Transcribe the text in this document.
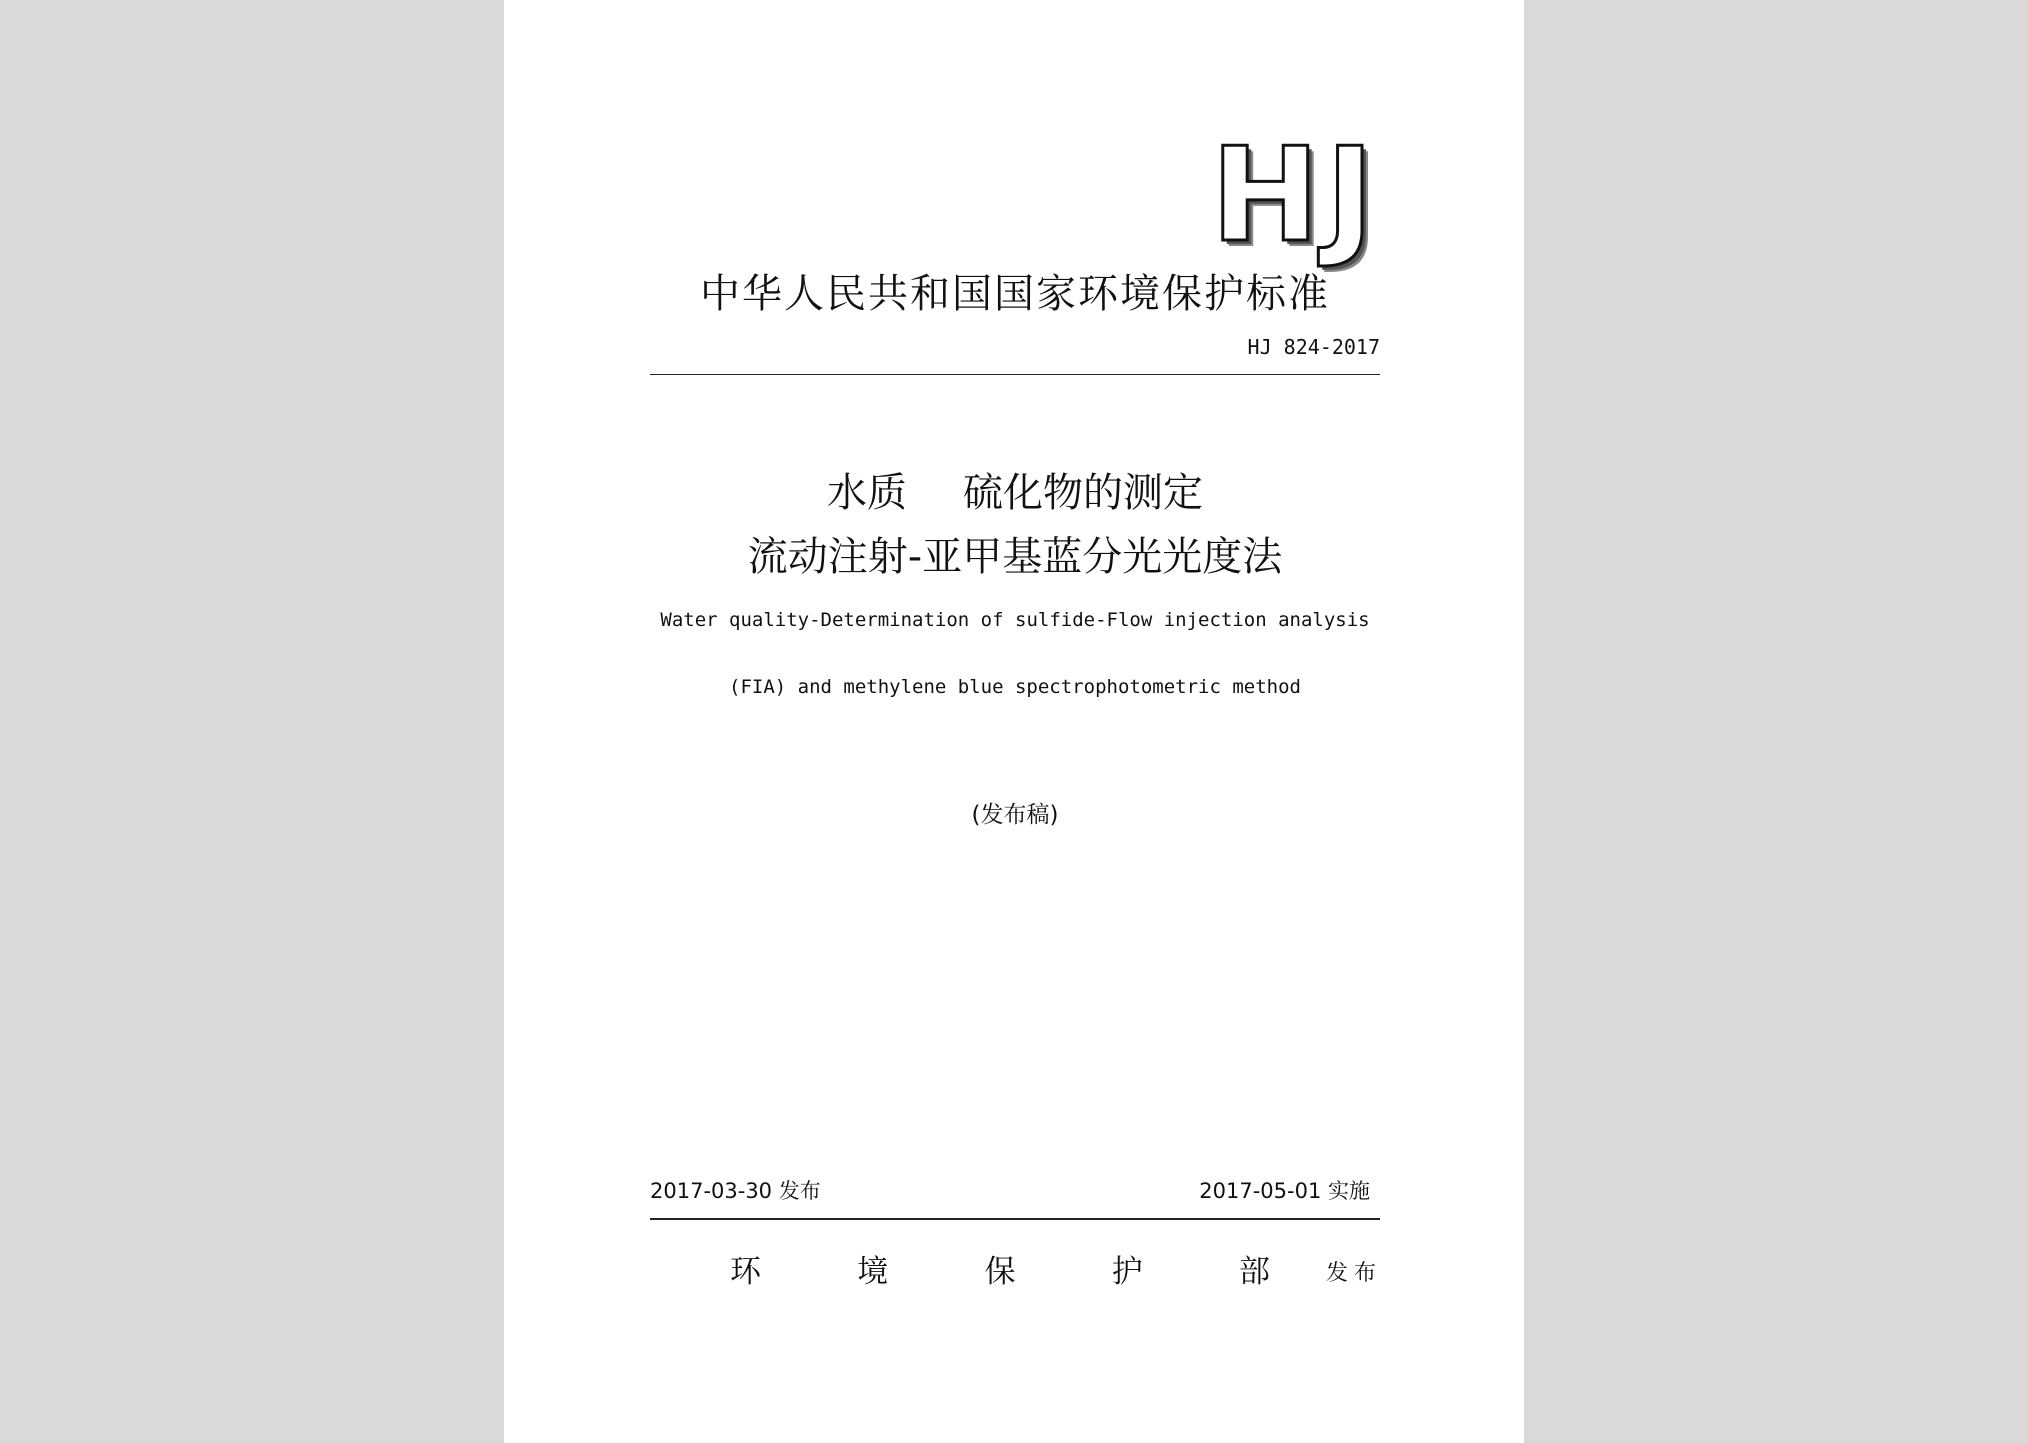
HJ
中华人民共和国国家环境保护标准
HJ 824-2017
水质 硫化物的测定
流动注射-亚甲基蓝分光光度法
Water quality-Determination of sulfide-Flow injection analysis
(FIA) and methylene blue spectrophotometric method
(发布稿)
2017-03-30 发布	2017-05-01 实施
环	境	保	护	部	发布
